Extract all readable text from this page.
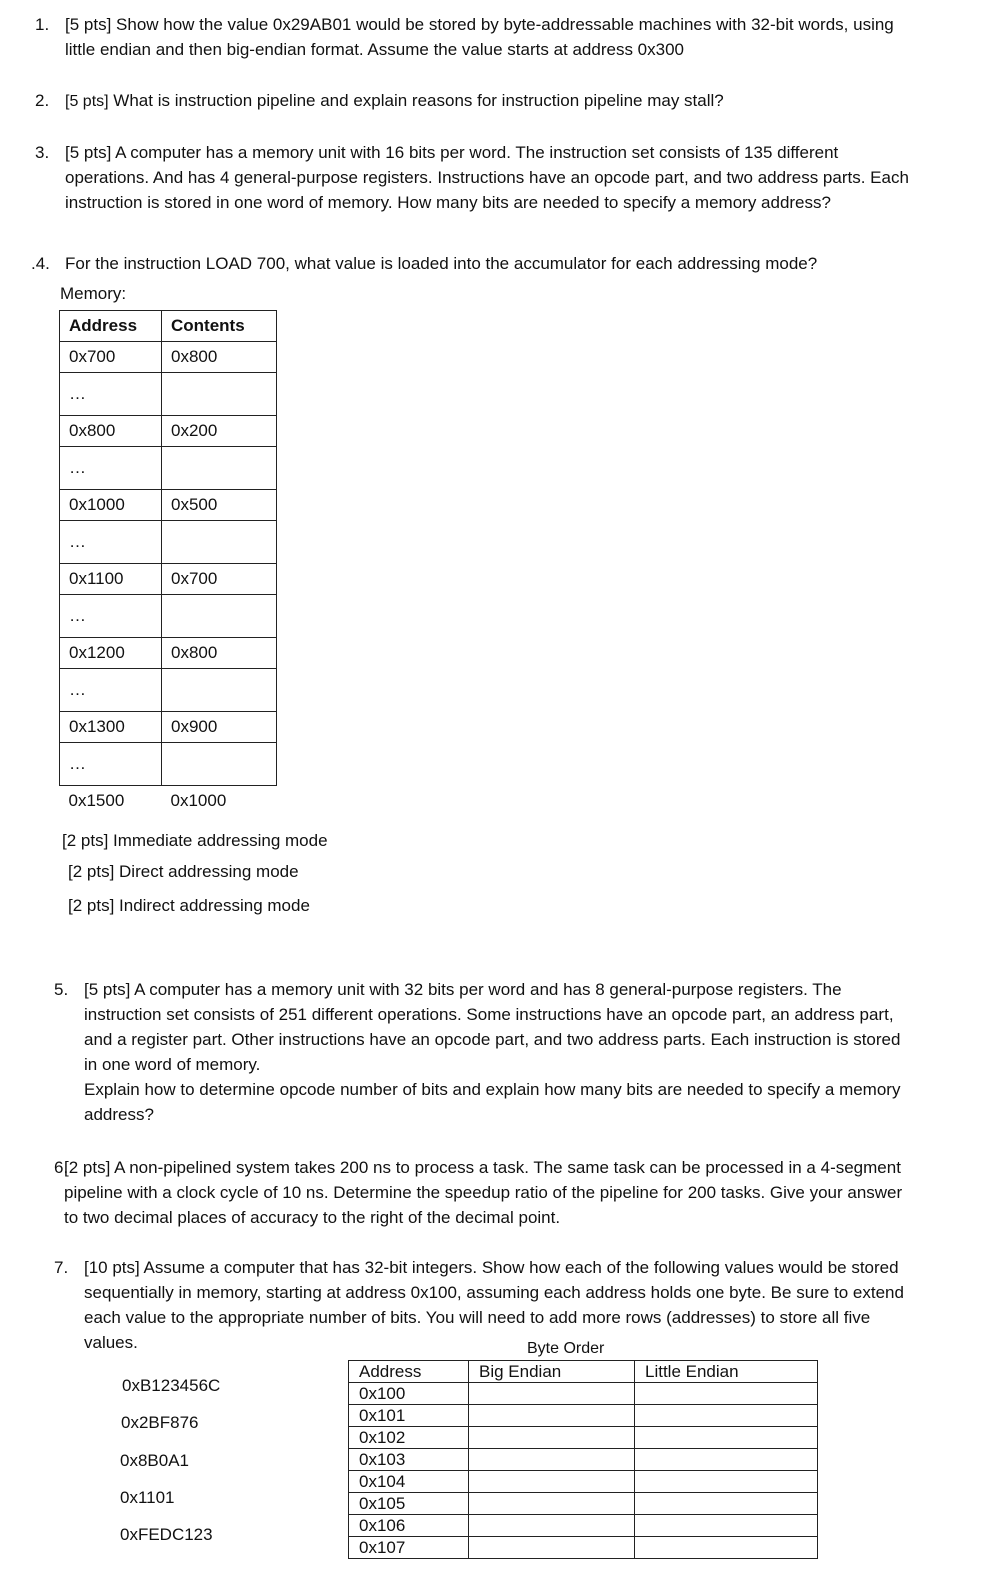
1. [5 pts] Show how the value 0x29AB01 would be stored by byte-addressable machines with 32-bit words, using little endian and then big-endian format. Assume the value starts at address 0x300

2. [5 pts] What is instruction pipeline and explain reasons for instruction pipeline may stall?

3. [5 pts] A computer has a memory unit with 16 bits per word. The instruction set consists of 135 different operations. And has 4 general-purpose registers. Instructions have an opcode part, and two address parts. Each instruction is stored in one word of memory. How many bits are needed to specify a memory address?

.4. For the instruction LOAD 700, what value is loaded into the accumulator for each addressing mode?

Memory:
Address	Contents
0x700	0x800
…	
0x800	0x200
…	
0x1000	0x500
…	
0x1100	0x700
…	
0x1200	0x800
…	
0x1300	0x900
…	
0x1500	0x1000
[2 pts] Immediate addressing mode
[2 pts] Direct addressing mode
[2 pts] Indirect addressing mode
5. [5 pts] A computer has a memory unit with 32 bits per word and has 8 general-purpose registers. The instruction set consists of 251 different operations. Some instructions have an opcode part, an address part, and a register part. Other instructions have an opcode part, and two address parts. Each instruction is stored in one word of memory.

Explain how to determine opcode number of bits and explain how many bits are needed to specify a memory address?

6.

[2 pts] A non-pipelined system takes 200 ns to process a task. The same task can be processed in a 4-segment pipeline with a clock cycle of 10 ns. Determine the speedup ratio of the pipeline for 200 tasks. Give your answer to two decimal places of accuracy to the right of the decimal point.

7. [10 pts] Assume a computer that has 32-bit integers. Show how each of the following values would be stored sequentially in memory, starting at address 0x100, assuming each address holds one byte. Be sure to extend each value to the appropriate number of bits. You will need to add more rows (addresses) to store all five values.	Byte Order
0xB123456C
0x2BF876
0x8B0A1
0x1101
0xFEDC123
Address	Big Endian	Little Endian
0x100		
0x101		
0x102		
0x103		
0x104		
0x105		
0x106		
0x107		
